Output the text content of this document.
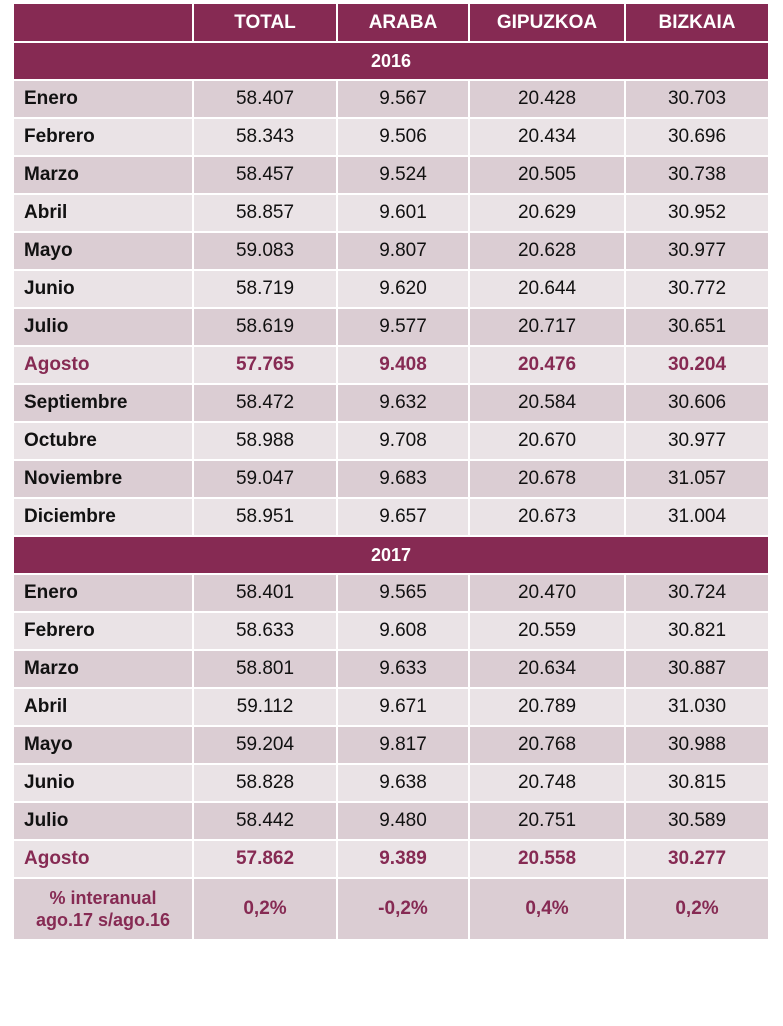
	TOTAL	ARABA	GIPUZKOA	BIZKAIA
2016				
Enero	58.407	9.567	20.428	30.703
Febrero	58.343	9.506	20.434	30.696
Marzo	58.457	9.524	20.505	30.738
Abril	58.857	9.601	20.629	30.952
Mayo	59.083	9.807	20.628	30.977
Junio	58.719	9.620	20.644	30.772
Julio	58.619	9.577	20.717	30.651
Agosto	57.765	9.408	20.476	30.204
Septiembre	58.472	9.632	20.584	30.606
Octubre	58.988	9.708	20.670	30.977
Noviembre	59.047	9.683	20.678	31.057
Diciembre	58.951	9.657	20.673	31.004
2017				
Enero	58.401	9.565	20.470	30.724
Febrero	58.633	9.608	20.559	30.821
Marzo	58.801	9.633	20.634	30.887
Abril	59.112	9.671	20.789	31.030
Mayo	59.204	9.817	20.768	30.988
Junio	58.828	9.638	20.748	30.815
Julio	58.442	9.480	20.751	30.589
Agosto	57.862	9.389	20.558	30.277

% interanual
ago.17 s/ago.16	0,2%	-0,2%	0,4%	0,2%
